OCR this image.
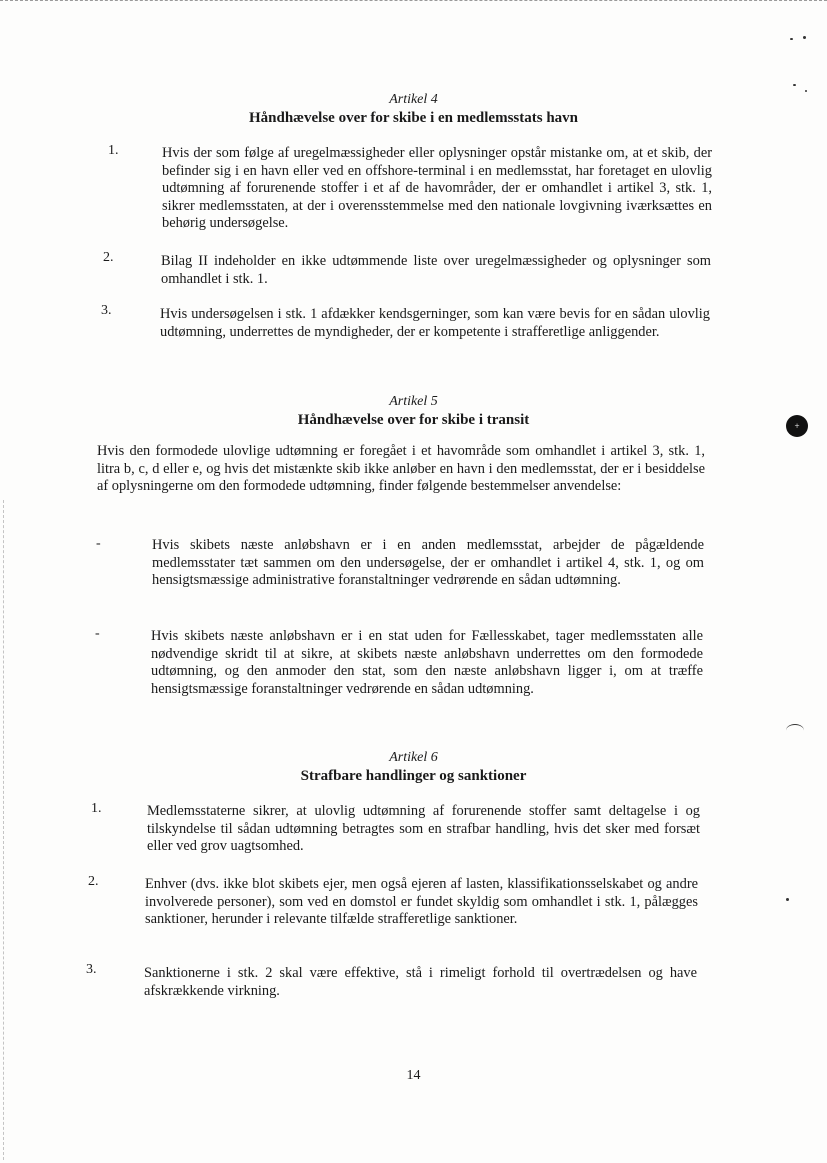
+
Artikel 4
Håndhævelse over for skibe i en medlemsstats havn
1.	Hvis der som følge af uregelmæssigheder eller oplysninger opstår mistanke om, at et skib, der befinder sig i en havn eller ved en offshore-terminal i en medlemsstat, har foretaget en ulovlig udtømning af forurenende stoffer i et af de havområder, der er omhandlet i artikel 3, stk. 1, sikrer medlemsstaten, at der i overensstemmelse med den nationale lovgivning iværksættes en behørig undersøgelse.

2.	Bilag II indeholder en ikke udtømmende liste over uregelmæssigheder og oplysninger som omhandlet i stk. 1.

3.	Hvis undersøgelsen i stk. 1 afdækker kendsgerninger, som kan være bevis for en sådan ulovlig udtømning, underrettes de myndigheder, der er kompetente i strafferetlige anliggender.

Artikel 5
Håndhævelse over for skibe i transit

Hvis den formodede ulovlige udtømning er foregået i et havområde som omhandlet i artikel 3, stk. 1, litra b, c, d eller e, og hvis det mistænkte skib ikke anløber en havn i den medlemsstat, der er i besiddelse af oplysningerne om den formodede udtømning, finder følgende bestemmelser anvendelse:

-	Hvis skibets næste anløbshavn er i en anden medlemsstat, arbejder de pågældende medlemsstater tæt sammen om den undersøgelse, der er omhandlet i artikel 4, stk. 1, og om hensigtsmæssige administrative foranstaltninger vedrørende en sådan udtømning.

-	Hvis skibets næste anløbshavn er i en stat uden for Fællesskabet, tager medlemsstaten alle nødvendige skridt til at sikre, at skibets næste anløbshavn underrettes om den formodede udtømning, og den anmoder den stat, som den næste anløbshavn ligger i, om at træffe hensigtsmæssige foranstaltninger vedrørende en sådan udtømning.

Artikel 6
Strafbare handlinger og sanktioner
1.	Medlemsstaterne sikrer, at ulovlig udtømning af forurenende stoffer samt deltagelse i og tilskyndelse til sådan udtømning betragtes som en strafbar handling, hvis det sker med forsæt eller ved grov uagtsomhed.

2.	Enhver (dvs. ikke blot skibets ejer, men også ejeren af lasten, klassifikationsselskabet og andre involverede personer), som ved en domstol er fundet skyldig som omhandlet i stk. 1, pålægges sanktioner, herunder i relevante tilfælde strafferetlige sanktioner.

3.	Sanktionerne i stk. 2 skal være effektive, stå i rimeligt forhold til overtrædelsen og have afskrækkende virkning.

14
